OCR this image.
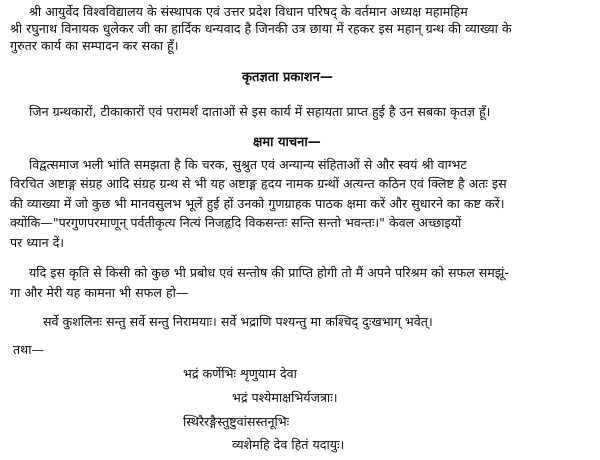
श्री आयुर्वेद विश्वविद्यालय के संस्थापक एवं उत्तर प्रदेश विधान परिषद् के वर्तमान अध्यक्ष महामहिम
श्री रघुनाथ विनायक धुलेकर जी का हार्दिक धन्यवाद है जिनकी उत्र छाया में रहकर इस महान् ग्रन्थ की व्याख्या के
गुरुतर कार्य का सम्पादन कर सका हूँ।
कृतज्ञता प्रकाशन—
जिन ग्रन्थकारों, टीकाकारों एवं परामर्श दाताओं से इस कार्य में सहायता प्राप्त हुई है उन सबका कृतज्ञ हूँ।
क्षमा याचना—
विद्वत्समाज भली भांति समझता है कि चरक, सुश्रुत एवं अन्यान्य संहिताओं से और स्वयं श्री वाग्भट
विरचित अष्टाङ्ग संग्रह आदि संग्रह ग्रन्थ से भी यह अष्टाङ्ग हृदय नामक ग्रन्थों अत्यन्त कठिन एवं क्लिष्ट है अतः इस
की व्याख्या में जो कुछ भी मानवसुलभ भूलें हुई हों उनको गुणग्राहक पाठक क्षमा करें और सुधारने का कष्ट करें।
क्योंकि—"परगुणपरमाणून् पर्वतीकृत्य नित्यं निजहृदि विकसन्तः सन्ति सन्तो भवन्तः।" केवल अच्छाइयों
पर ध्यान दें।
यदि इस कृति से किसी को कुछ भी प्रबोध एवं सन्तोष की प्राप्ति होगी तो मैं अपने परिश्रम को सफल समझूं-
गा और मेरी यह कामना भी सफल हो—
सर्वे कुशलिनः सन्तु सर्वे सन्तु निरामयाः। सर्वे भद्राणि पश्यन्तु मा कश्चिद् दुःखभाग् भवेत्।
तथा—
भद्रं कर्णेभिः शृणुयाम देवा
भद्रं पश्येमाक्षभिर्यजत्राः।
स्थिरैरङ्गैस्तुष्टुवांसस्तनूभिः
व्यशेमहि देव हितं यदायुः।
